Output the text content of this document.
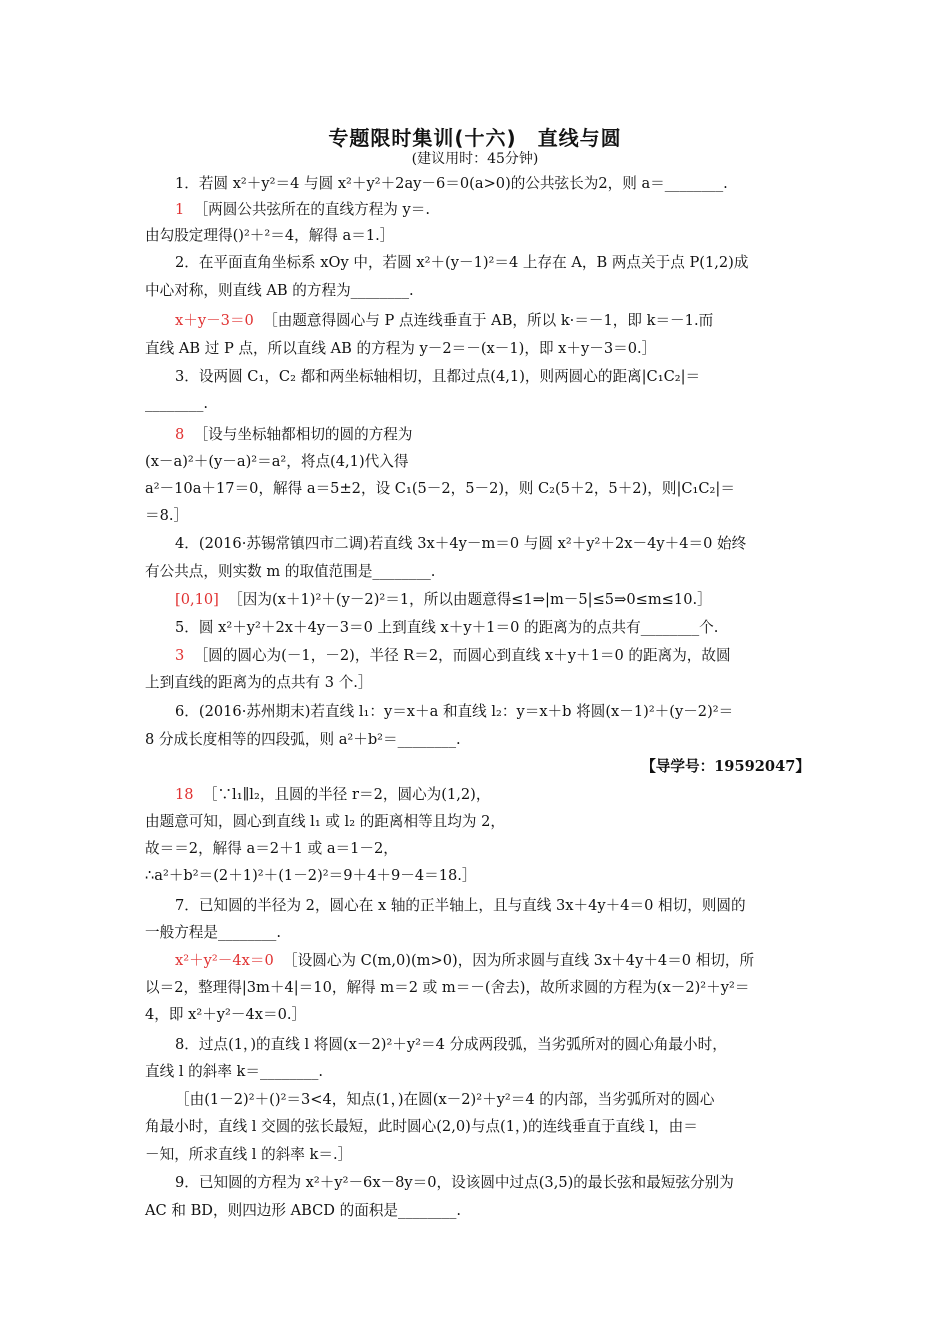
专题限时集训(十六)　直线与圆
(建议用时：45分钟)
1．若圆 x²＋y²＝4 与圆 x²＋y²＋2ay－6＝0(a>0)的公共弦长为2，则 a＝________.
1 ［两圆公共弦所在的直线方程为 y＝.
由勾股定理得()²＋²＝4，解得 a＝1.］
2．在平面直角坐标系 xOy 中，若圆 x²＋(y－1)²＝4 上存在 A，B 两点关于点 P(1,2)成
中心对称，则直线 AB 的方程为________.
x＋y－3＝0 ［由题意得圆心与 P 点连线垂直于 AB，所以 k·＝－1，即 k＝－1.而
直线 AB 过 P 点，所以直线 AB 的方程为 y－2＝－(x－1)，即 x＋y－3＝0.］
3．设两圆 C₁，C₂ 都和两坐标轴相切，且都过点(4,1)，则两圆心的距离|C₁C₂|＝
________.
8 ［设与坐标轴都相切的圆的方程为
(x－a)²＋(y－a)²＝a²，将点(4,1)代入得
a²－10a＋17＝0，解得 a＝5±2，设 C₁(5－2，5－2)，则 C₂(5＋2，5＋2)，则|C₁C₂|＝
＝8.］
4．(2016·苏锡常镇四市二调)若直线 3x＋4y－m＝0 与圆 x²＋y²＋2x－4y＋4＝0 始终
有公共点，则实数 m 的取值范围是________.
[0,10] ［因为(x＋1)²＋(y－2)²＝1，所以由题意得≤1⇒|m－5|≤5⇒0≤m≤10.］
5．圆 x²＋y²＋2x＋4y－3＝0 上到直线 x＋y＋1＝0 的距离为的点共有________个.
3 ［圆的圆心为(－1，－2)，半径 R＝2，而圆心到直线 x＋y＋1＝0 的距离为，故圆
上到直线的距离为的点共有 3 个.］
6．(2016·苏州期末)若直线 l₁：y＝x＋a 和直线 l₂：y＝x＋b 将圆(x－1)²＋(y－2)²＝
8 分成长度相等的四段弧，则 a²＋b²＝________.
【导学号：19592047】
18 ［∵l₁∥l₂，且圆的半径 r＝2，圆心为(1,2)，
由题意可知，圆心到直线 l₁ 或 l₂ 的距离相等且均为 2，
故＝＝2，解得 a＝2＋1 或 a＝1－2，
∴a²＋b²＝(2＋1)²＋(1－2)²＝9＋4＋9－4＝18.］
7．已知圆的半径为 2，圆心在 x 轴的正半轴上，且与直线 3x＋4y＋4＝0 相切，则圆的
一般方程是________.
x²＋y²－4x＝0 ［设圆心为 C(m,0)(m>0)，因为所求圆与直线 3x＋4y＋4＝0 相切，所
以＝2，整理得|3m＋4|＝10，解得 m＝2 或 m＝－(舍去)，故所求圆的方程为(x－2)²＋y²＝
4，即 x²＋y²－4x＝0.］
8．过点(1，)的直线 l 将圆(x－2)²＋y²＝4 分成两段弧，当劣弧所对的圆心角最小时，
直线 l 的斜率 k＝________.
［由(1－2)²＋()²＝3<4，知点(1，)在圆(x－2)²＋y²＝4 的内部，当劣弧所对的圆心
角最小时，直线 l 交圆的弦长最短，此时圆心(2,0)与点(1，)的连线垂直于直线 l，由＝
－知，所求直线 l 的斜率 k＝.］
9．已知圆的方程为 x²＋y²－6x－8y＝0，设该圆中过点(3,5)的最长弦和最短弦分别为
AC 和 BD，则四边形 ABCD 的面积是________.
